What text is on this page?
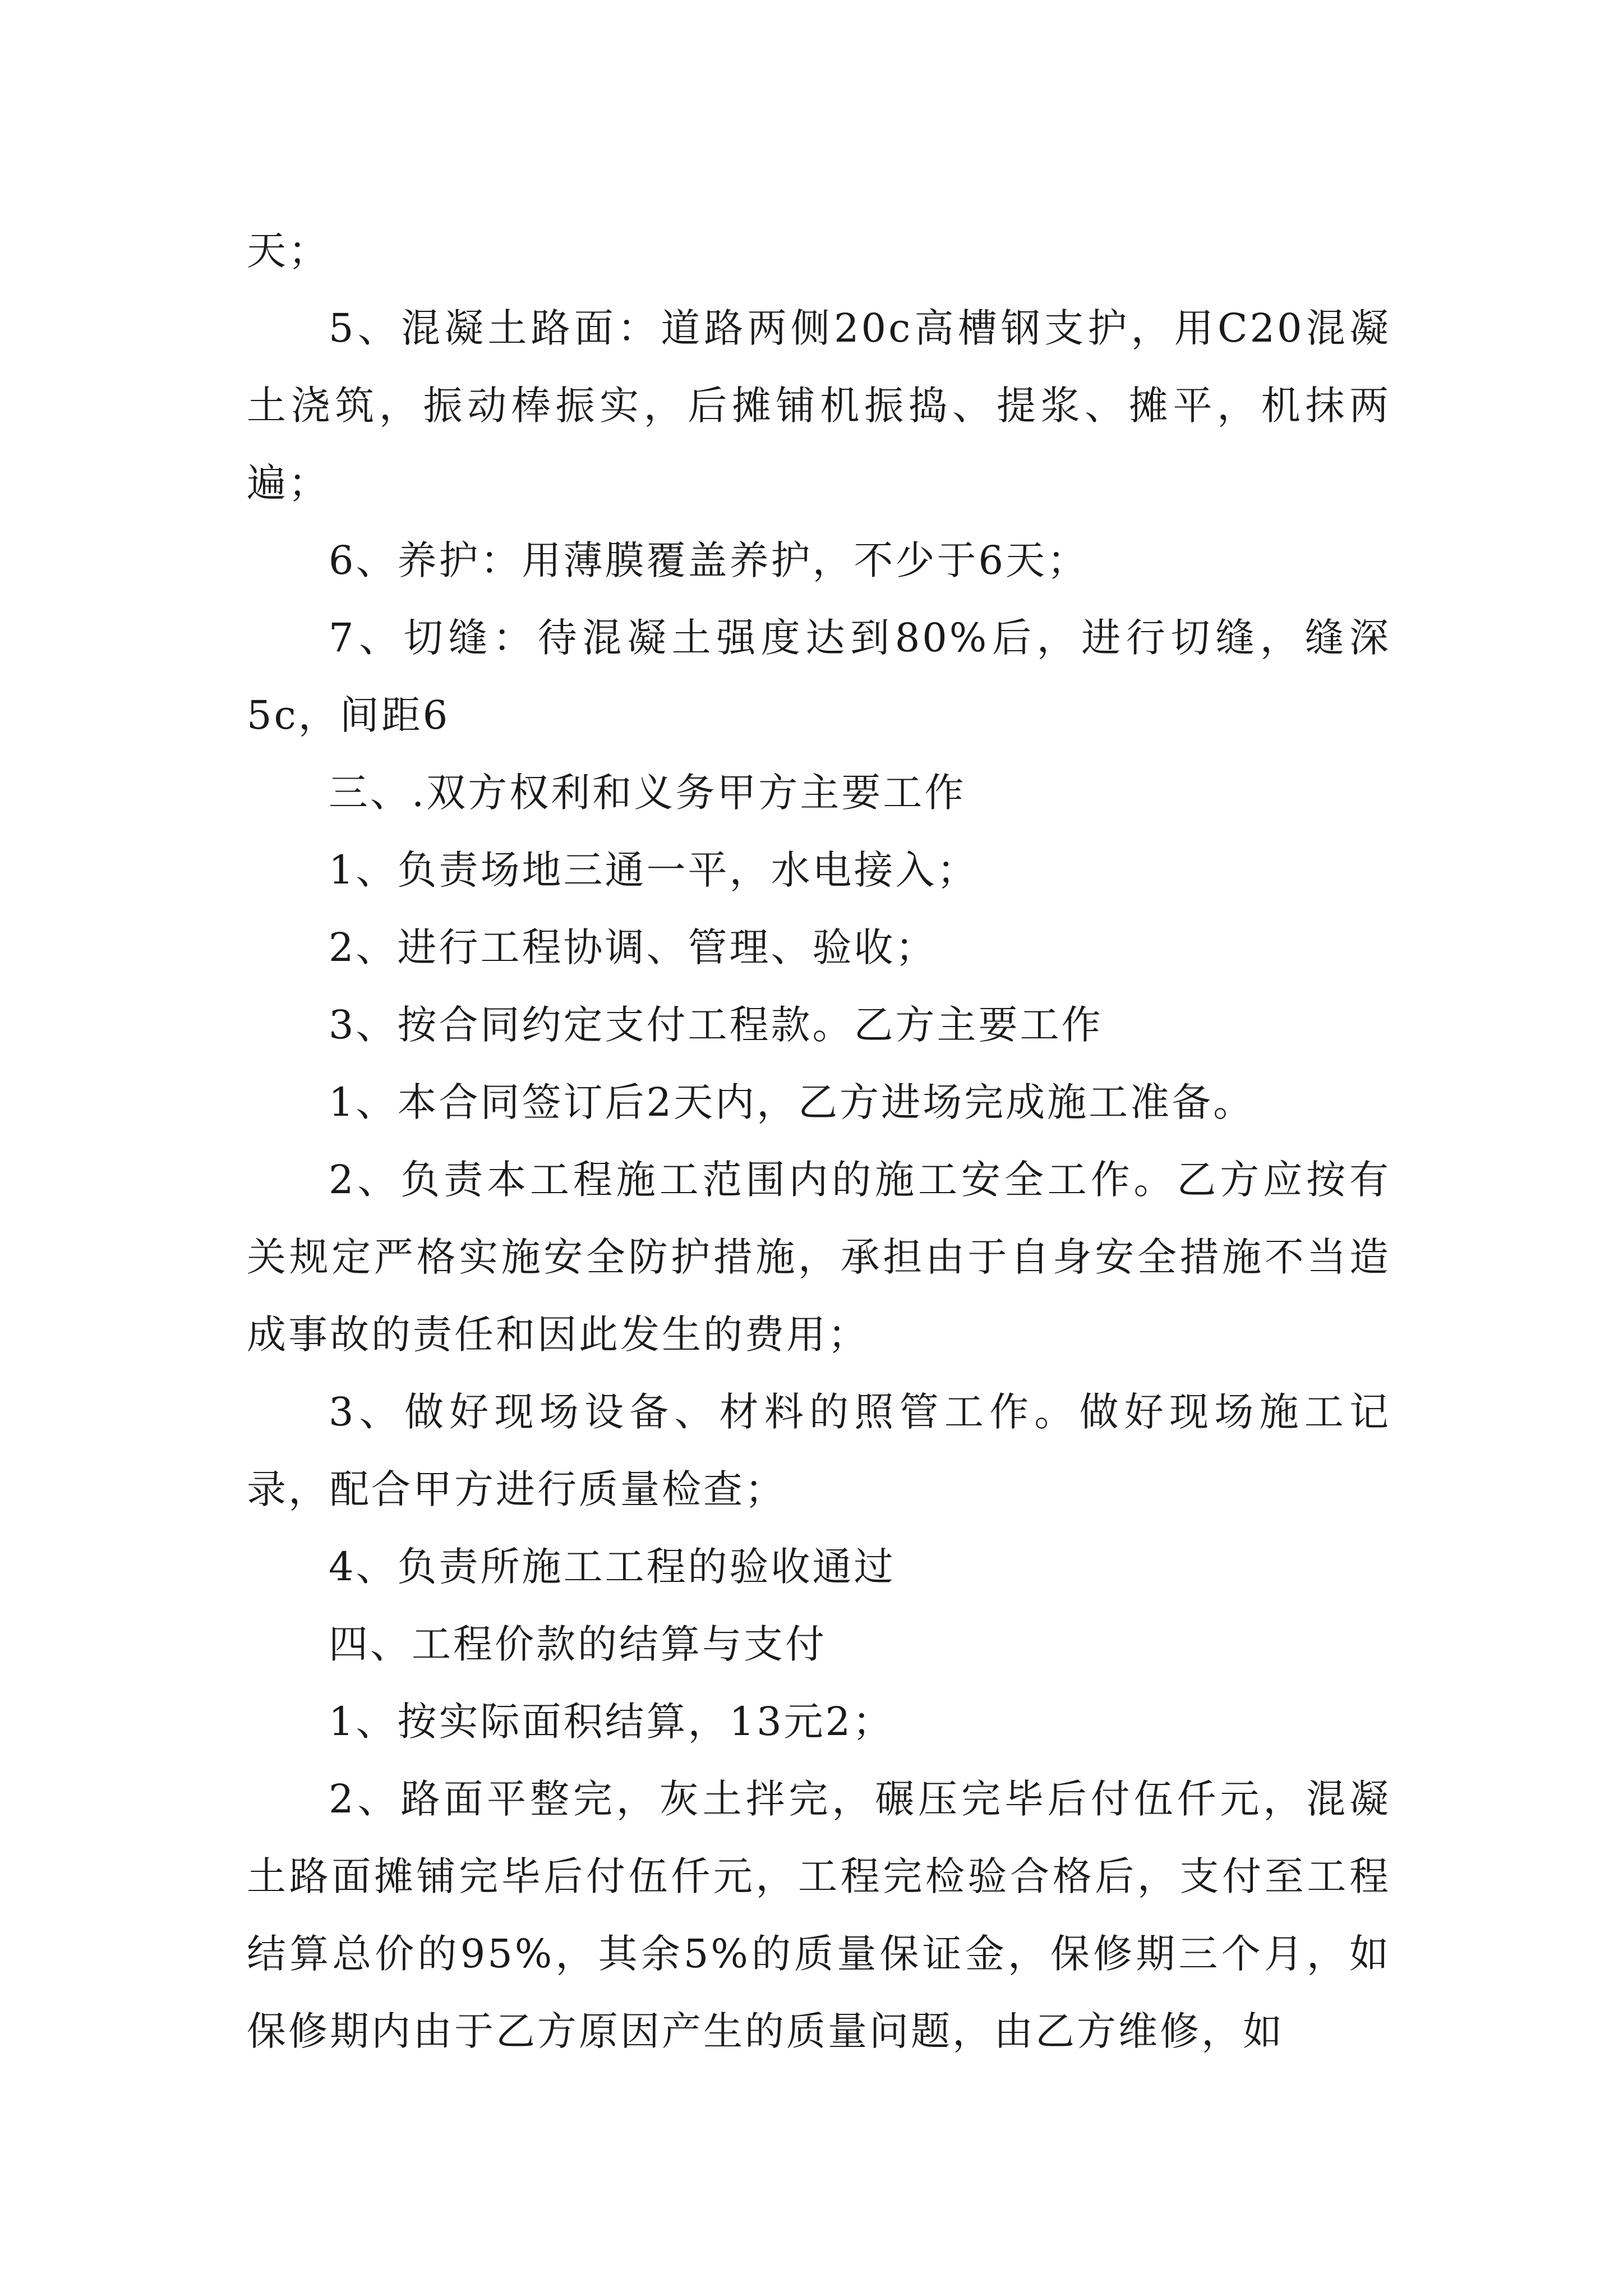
天；

5、混凝土路面：道路两侧20c高槽钢支护，用C20混凝土浇筑，振动棒振实，后摊铺机振捣、提浆、摊平，机抹两遍；

6、养护：用薄膜覆盖养护，不少于6天；

7、切缝：待混凝土强度达到80%后，进行切缝，缝深5c，间距6

三、.双方权利和义务甲方主要工作

1、负责场地三通一平，水电接入；

2、进行工程协调、管理、验收；

3、按合同约定支付工程款。乙方主要工作

1、本合同签订后2天内，乙方进场完成施工准备。

2、负责本工程施工范围内的施工安全工作。乙方应按有关规定严格实施安全防护措施，承担由于自身安全措施不当造成事故的责任和因此发生的费用；

3、做好现场设备、材料的照管工作。做好现场施工记录，配合甲方进行质量检查；

4、负责所施工工程的验收通过

四、工程价款的结算与支付

1、按实际面积结算，13元2；

2、路面平整完，灰土拌完，碾压完毕后付伍仟元，混凝土路面摊铺完毕后付伍仟元，工程完检验合格后，支付至工程结算总价的95%，其余5%的质量保证金，保修期三个月，如保修期内由于乙方原因产生的质量问题，由乙方维修，如
